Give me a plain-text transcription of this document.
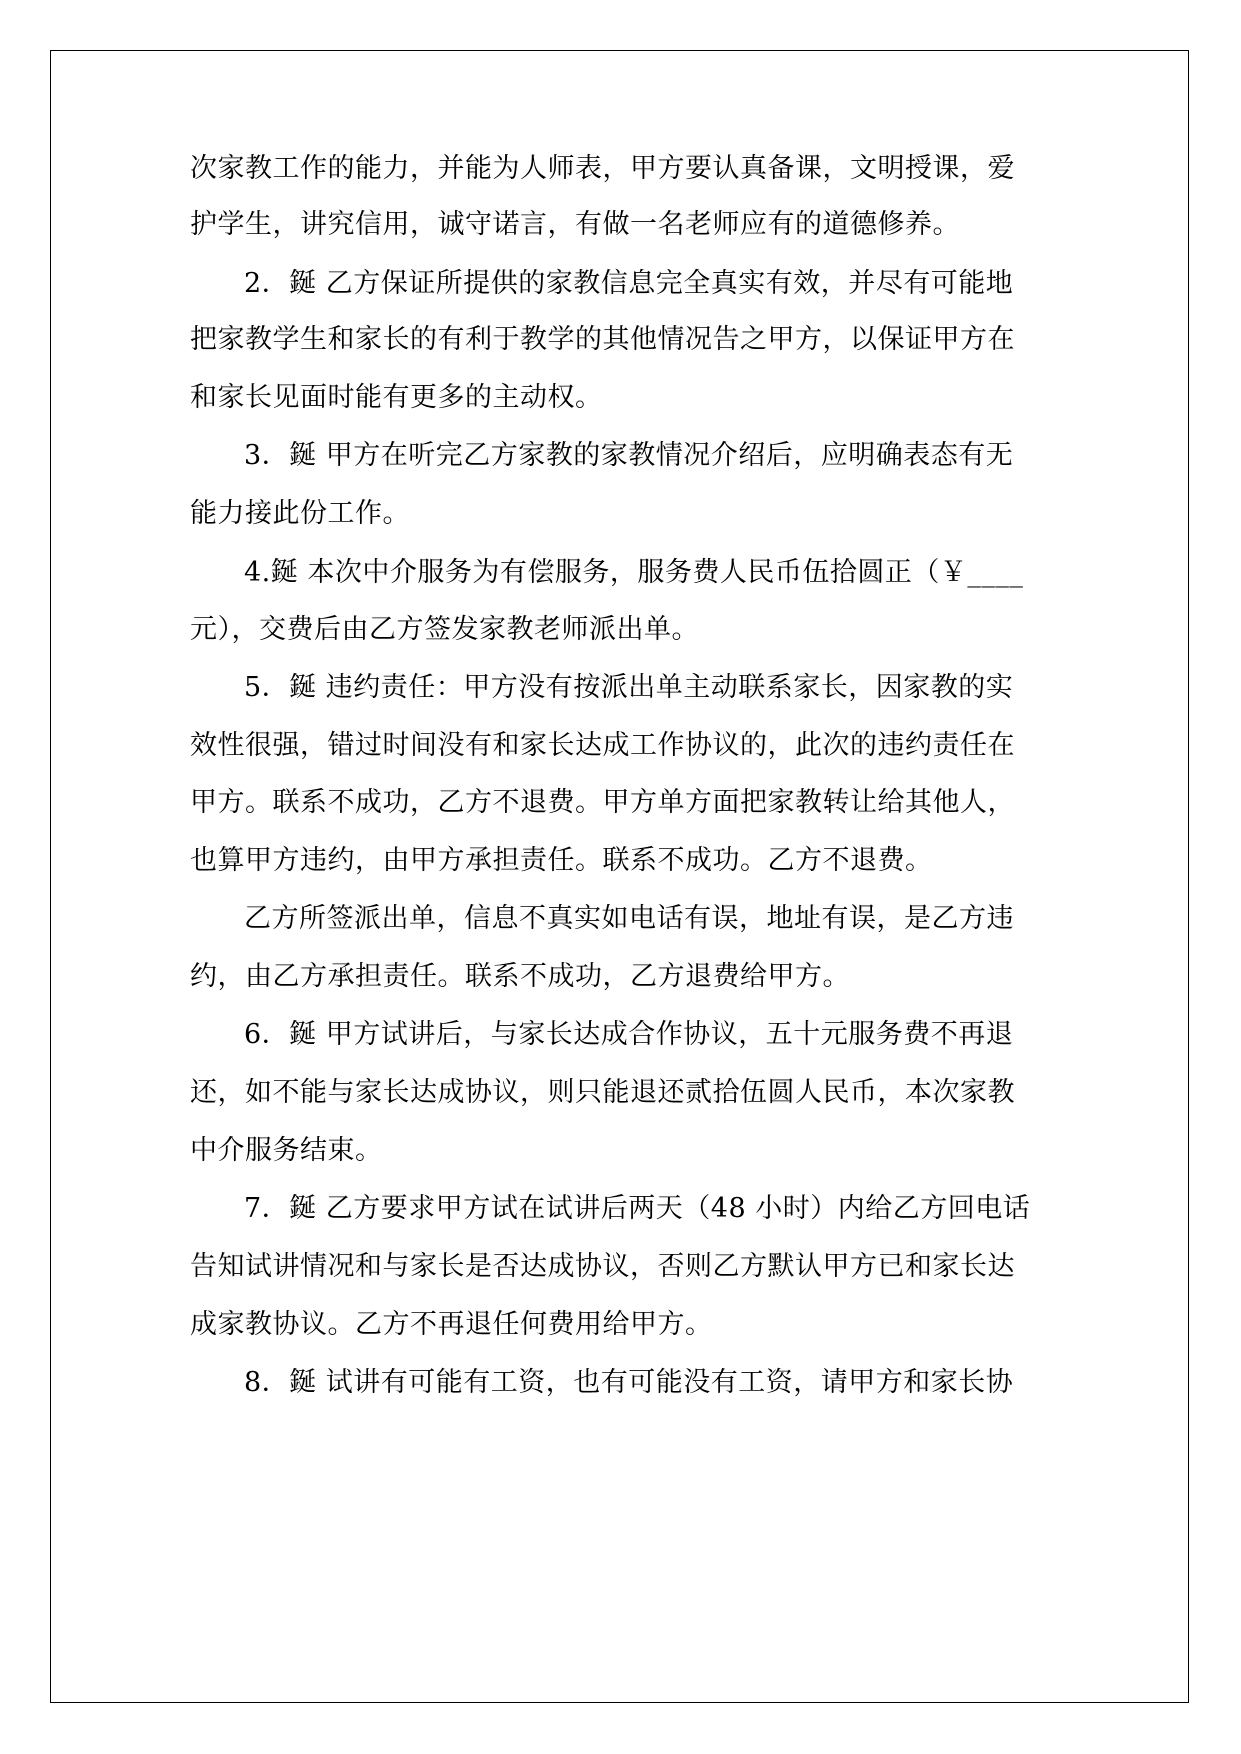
次家教工作的能力，并能为人师表，甲方要认真备课，文明授课，爱
护学生，讲究信用，诚守诺言，有做一名老师应有的道德修养。
2．鋋 乙方保证所提供的家教信息完全真实有效，并尽有可能地
把家教学生和家长的有利于教学的其他情况告之甲方，以保证甲方在
和家长见面时能有更多的主动权。
3．鋋 甲方在听完乙方家教的家教情况介绍后，应明确表态有无
能力接此份工作。
4.鋋 本次中介服务为有偿服务，服务费人民币伍拾圆正（￥____
元），交费后由乙方签发家教老师派出单。
5．鋋 违约责任：甲方没有按派出单主动联系家长，因家教的实
效性很强，错过时间没有和家长达成工作协议的，此次的违约责任在
甲方。联系不成功，乙方不退费。甲方单方面把家教转让给其他人，
也算甲方违约，由甲方承担责任。联系不成功。乙方不退费。
乙方所签派出单，信息不真实如电话有误，地址有误，是乙方违
约，由乙方承担责任。联系不成功，乙方退费给甲方。
6．鋋 甲方试讲后，与家长达成合作协议，五十元服务费不再退
还，如不能与家长达成协议，则只能退还贰拾伍圆人民币，本次家教
中介服务结束。
7．鋋 乙方要求甲方试在试讲后两天（48 小时）内给乙方回电话
告知试讲情况和与家长是否达成协议，否则乙方默认甲方已和家长达
成家教协议。乙方不再退任何费用给甲方。
8．鋋 试讲有可能有工资，也有可能没有工资，请甲方和家长协
